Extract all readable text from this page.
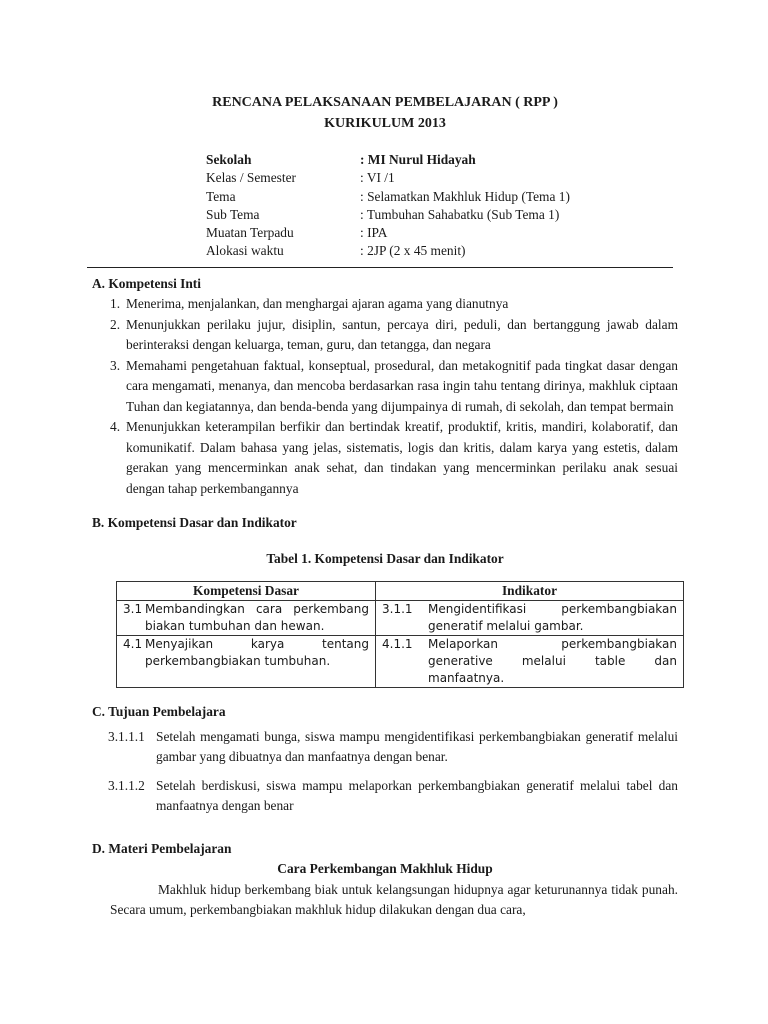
RENCANA PELAKSANAAN PEMBELAJARAN ( RPP )
KURIKULUM 2013
Sekolah	: MI Nurul Hidayah
Kelas / Semester	: VI /1
Tema	: Selamatkan Makhluk Hidup (Tema 1)
Sub Tema	: Tumbuhan Sahabatku (Sub Tema 1)
Muatan Terpadu	: IPA
Alokasi waktu	: 2JP (2 x 45 menit)
A. Kompetensi Inti
1. Menerima, menjalankan, dan menghargai ajaran agama yang dianutnya
2. Menunjukkan perilaku jujur, disiplin, santun, percaya diri, peduli, dan bertanggung jawab dalam berinteraksi dengan keluarga, teman, guru, dan tetangga, dan negara
3. Memahami pengetahuan faktual, konseptual, prosedural, dan metakognitif pada tingkat dasar dengan cara mengamati, menanya, dan mencoba berdasarkan rasa ingin tahu tentang dirinya, makhluk ciptaan Tuhan dan kegiatannya, dan benda-benda yang dijumpainya di rumah, di sekolah, dan tempat bermain
4. Menunjukkan keterampilan berfikir dan bertindak kreatif, produktif, kritis, mandiri, kolaboratif, dan komunikatif. Dalam bahasa yang jelas, sistematis, logis dan kritis, dalam karya yang estetis, dalam gerakan yang mencerminkan anak sehat, dan tindakan yang mencerminkan perilaku anak sesuai dengan tahap perkembangannya
B. Kompetensi Dasar dan Indikator
Tabel 1. Kompetensi Dasar dan Indikator
Kompetensi Dasar	Indikator

3.1 Membandingkan cara perkembang biakan tumbuhan dan hewan.	3.1.1 Mengidentifikasi perkembangbiakan generatif melalui gambar.

4.1 Menyajikan karya tentang perkembangbiakan tumbuhan.	4.1.1 Melaporkan perkembangbiakan generative melalui table dan manfaatnya.
C. Tujuan Pembelajara
3.1.1.1 Setelah mengamati bunga, siswa mampu mengidentifikasi perkembangbiakan generatif melalui gambar yang dibuatnya dan manfaatnya dengan benar.
3.1.1.2 Setelah berdiskusi, siswa mampu melaporkan perkembangbiakan generatif melalui tabel dan manfaatnya dengan benar
D. Materi Pembelajaran
Cara Perkembangan Makhluk Hidup
Makhluk hidup berkembang biak untuk kelangsungan hidupnya agar keturunannya tidak punah. Secara umum, perkembangbiakan makhluk hidup dilakukan dengan dua cara,
